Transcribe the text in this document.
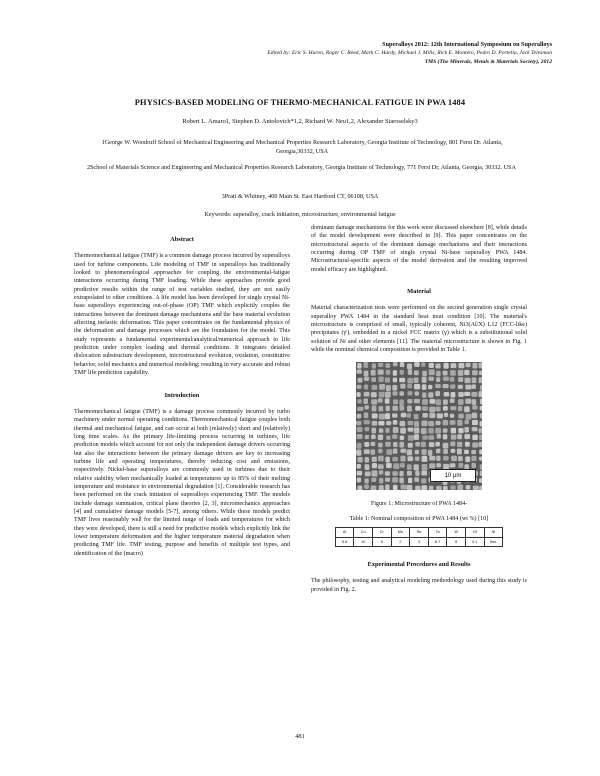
Superalloys 2012: 12th International Symposium on Superalloys
Edited by: Eric S. Huron, Roger C. Reed, Mark C. Hardy, Michael J. Mills, Rick E. Montero, Pedro D. Portella, Jack Telesman
TMS (The Minerals, Metals & Materials Society), 2012
PHYSICS-BASED MODELING OF THERMO-MECHANICAL FATIGUE IN PWA 1484
Robert L. Amaro1, Stephen D. Antolovich*1,2, Richard W. Neu1,2, Alexander Staroselsky3
1George W. Woodruff School of Mechanical Engineering and Mechanical Properties Research Laboratory, Georgia Institute of Technology, 801 Ferst Dr. Atlanta, Georgia,30332, USA
2School of Materials Science and Engineering and Mechanical Properties Research Laboratory, Georgia Institute of Technology, 771 Ferst Dr, Atlanta, Georgia, 30332. USA
3Pratt & Whitney, 400 Main St. East Hartford CT, 06108, USA
Keywords: superalloy, crack initiation, microstructure, environmental fatigue
Abstract
Thermomechanical fatigue (TMF) is a common damage process incurred by superalloys used for turbine components. Life modeling of TMF in superalloys has traditionally looked to phenomenological approaches for coupling the environmental-fatigue interactions occurring during TMF loading. While these approaches provide good predictive results within the range of test variables studied, they are not easily extrapolated to other conditions. A life model has been developed for single crystal Ni-base superalloys experiencing out-of-phase (OP) TMF which explicitly couples the interactions between the dominant damage mechanisms and the base material evolution affecting inelastic deformation. This paper concentrates on the fundamental physics of the deformation and damage processes which are the foundation for the model. This study represents a fundamental experimental/analytical/numerical approach to life prediction under complex loading and thermal conditions. It integrates detailed dislocation substructure development, microstructural evolution, oxidation, constitutive behavior, solid mechanics and numerical modeling; resulting in very accurate and robust TMF life prediction capability.
Introduction
Thermomechanical fatigue (TMF) is a damage process commonly incurred by turbo machinery under normal operating conditions. Thermomechanical fatigue couples both thermal and mechanical fatigue, and can occur at both (relatively) short and (relatively) long time scales. As the primary life-limiting process occurring in turbines, life prediction models which account for not only the independent damage drivers occurring but also the interactions between the primary damage drivers are key to increasing turbine life and operating temperatures, thereby reducing cost and emissions, respectively. Nickel-base superalloys are commonly used in turbines due to their relative stability when mechanically loaded at temperatures up to 85% of their melting temperature and resistance to environmental degradation [1]. Considerable research has been performed on the crack initiation of superalloys experiencing TMF. The models include damage summation, critical plane theories [2, 3], micromechanics approaches [4] and cumulative damage models [5-7], among others. While these models predict TMF lives reasonably well for the limited range of loads and temperatures for which they were developed, there is still a need for predictive models which explicitly link the lower temperature deformation and the higher temperature material degradation when predicting TMF life. TMF testing, purpose and benefits of multiple test types, and identification of the (macro)
dominant damage mechanisms for this work were discussed elsewhere [8], while details of the model development were described in [9]. This paper concentrates on the microstructural aspects of the dominant damage mechanisms and their interactions occurring during OP TMF of single crystal Ni-base superalloy PWA 1484. Microstructural-specific aspects of the model derivation and the resulting improved model efficacy are highlighted.
Material
Material characterization tests were performed on the second generation single crystal superalloy PWA 1484 in the standard heat treat condition [10]. The material's microstructure is comprised of small, typically coherent, Ni3(Al/X) L12 (FCC-like) precipitates (γ'), embedded in a nickel FCC matrix (γ) which is a substitutional solid solution of Ni and other elements [11]. The material microstructure is shown in Fig. 1 while the nominal chemical composition is provided in Table 1.
10 μm
Figure 1: Microstructure of PWA 1484-
Table 1: Nominal composition of PWA 1484 (wt %) [10]
Al	Co	Cr	Mo	Re	Ta	W	Hf	Ni
5.6	10	5	2	3	8.7	6	0.1	Bal.
Experimental Procedures and Results
The philosophy, testing and analytical modeling methodology used during this study is provided in Fig. 2.
481
